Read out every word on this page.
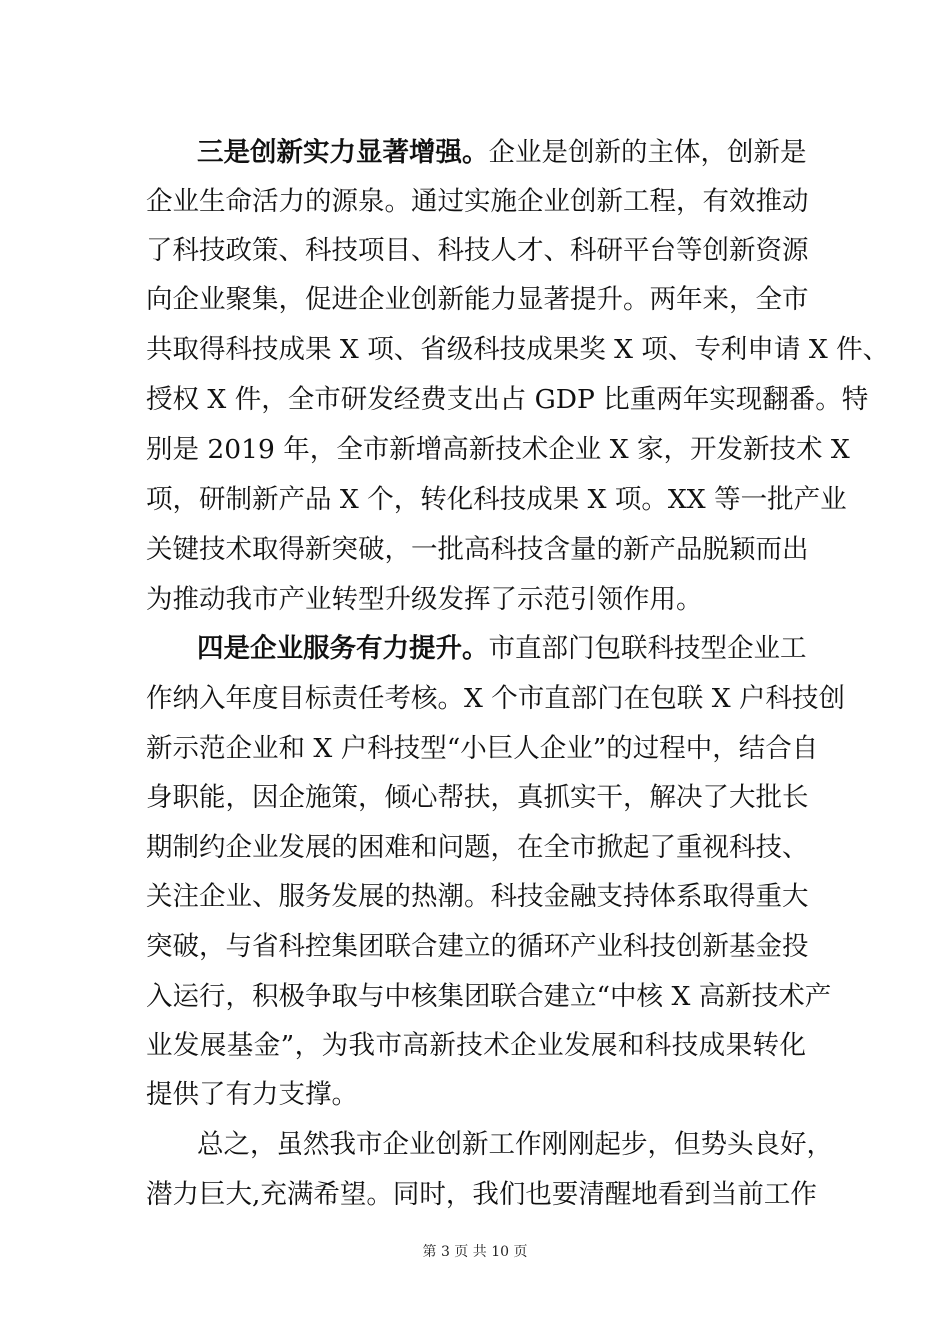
三是创新实力显著增强。企业是创新的主体，创新是
企业生命活力的源泉。通过实施企业创新工程，有效推动
了科技政策、科技项目、科技人才、科研平台等创新资源
向企业聚集，促进企业创新能力显著提升。两年来，全市
共取得科技成果 X 项、省级科技成果奖 X 项、专利申请 X 件、
授权 X 件，全市研发经费支出占 GDP 比重两年实现翻番。特
别是 2019 年，全市新增高新技术企业 X 家，开发新技术 X
项，研制新产品 X 个，转化科技成果 X 项。XX 等一批产业
关键技术取得新突破，一批高科技含量的新产品脱颖而出
为推动我市产业转型升级发挥了示范引领作用。
四是企业服务有力提升。市直部门包联科技型企业工
作纳入年度目标责任考核。X 个市直部门在包联 X 户科技创
新示范企业和 X 户科技型“小巨人企业”的过程中，结合自
身职能，因企施策，倾心帮扶，真抓实干，解决了大批长
期制约企业发展的困难和问题，在全市掀起了重视科技、
关注企业、服务发展的热潮。科技金融支持体系取得重大
突破，与省科控集团联合建立的循环产业科技创新基金投
入运行，积极争取与中核集团联合建立“中核 X 高新技术产
业发展基金”，为我市高新技术企业发展和科技成果转化
提供了有力支撑。
总之，虽然我市企业创新工作刚刚起步，但势头良好，
潜力巨大,充满希望。同时，我们也要清醒地看到当前工作
第 3 页 共 10 页
